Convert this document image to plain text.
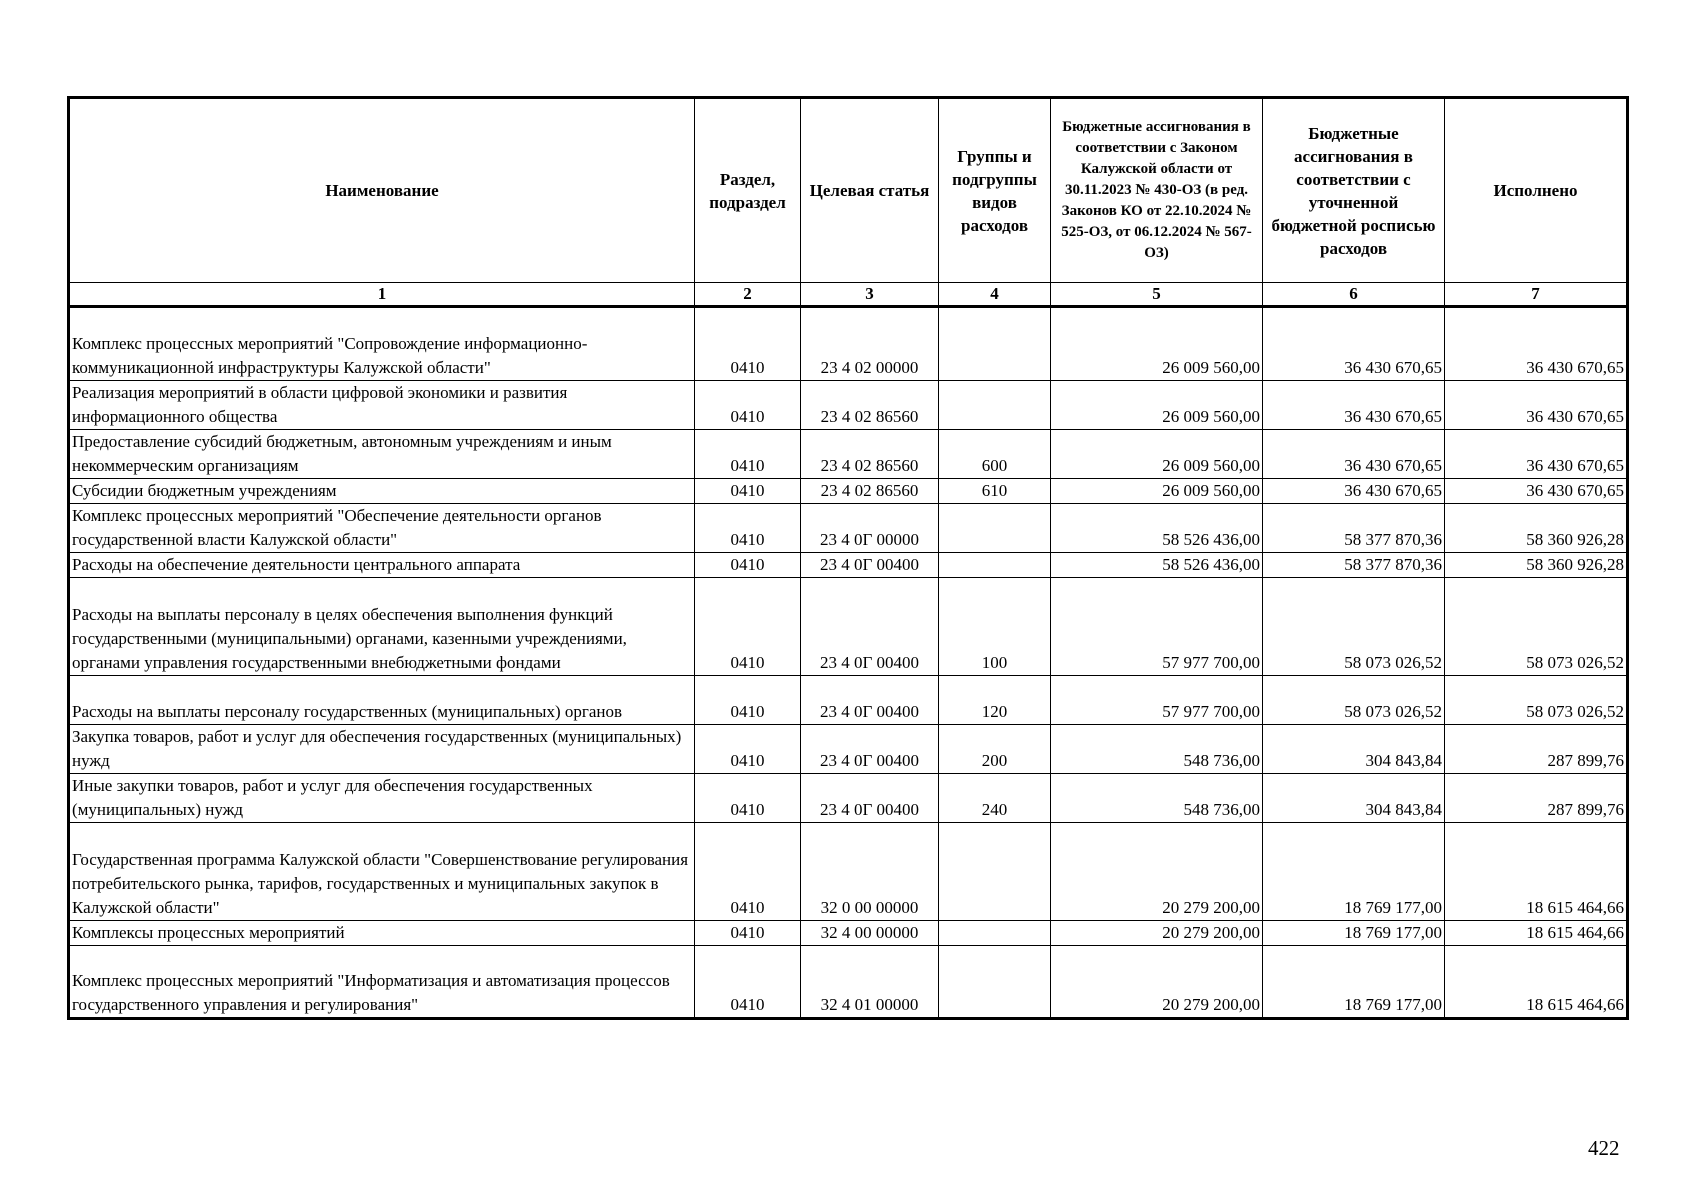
Наименование	Раздел, подраздел	Целевая статья	Группы и подгруппы видов расходов	Бюджетные ассигнования в соответствии с Законом Калужской области от 30.11.2023 № 430-ОЗ (в ред. Законов КО от 22.10.2024 № 525-ОЗ, от 06.12.2024 № 567-ОЗ)	Бюджетные ассигнования в соответствии с уточненной бюджетной росписью расходов	Исполнено
1	2	3	4	5	6	7
Комплекс процессных мероприятий "Сопровождение информационно-коммуникационной инфраструктуры Калужской области"	0410	23 4 02 00000		26 009 560,00	36 430 670,65	36 430 670,65
Реализация мероприятий в области цифровой экономики и развития информационного общества	0410	23 4 02 86560		26 009 560,00	36 430 670,65	36 430 670,65
Предоставление субсидий бюджетным, автономным учреждениям и иным некоммерческим организациям	0410	23 4 02 86560	600	26 009 560,00	36 430 670,65	36 430 670,65
Субсидии бюджетным учреждениям	0410	23 4 02 86560	610	26 009 560,00	36 430 670,65	36 430 670,65
Комплекс процессных мероприятий "Обеспечение деятельности органов государственной власти Калужской области"	0410	23 4 0Г 00000		58 526 436,00	58 377 870,36	58 360 926,28
Расходы на обеспечение деятельности центрального аппарата	0410	23 4 0Г 00400		58 526 436,00	58 377 870,36	58 360 926,28
Расходы на выплаты персоналу в целях обеспечения выполнения функций государственными (муниципальными) органами, казенными учреждениями, органами управления государственными внебюджетными фондами	0410	23 4 0Г 00400	100	57 977 700,00	58 073 026,52	58 073 026,52
Расходы на выплаты персоналу государственных (муниципальных) органов	0410	23 4 0Г 00400	120	57 977 700,00	58 073 026,52	58 073 026,52
Закупка товаров, работ и услуг для обеспечения государственных (муниципальных) нужд	0410	23 4 0Г 00400	200	548 736,00	304 843,84	287 899,76
Иные закупки товаров, работ и услуг для обеспечения государственных (муниципальных) нужд	0410	23 4 0Г 00400	240	548 736,00	304 843,84	287 899,76
Государственная программа Калужской области "Совершенствование регулирования потребительского рынка, тарифов, государственных и муниципальных закупок в Калужской области"	0410	32 0 00 00000		20 279 200,00	18 769 177,00	18 615 464,66
Комплексы процессных мероприятий	0410	32 4 00 00000		20 279 200,00	18 769 177,00	18 615 464,66
Комплекс процессных мероприятий "Информатизация и автоматизация процессов государственного управления и регулирования"	0410	32 4 01 00000		20 279 200,00	18 769 177,00	18 615 464,66
422
